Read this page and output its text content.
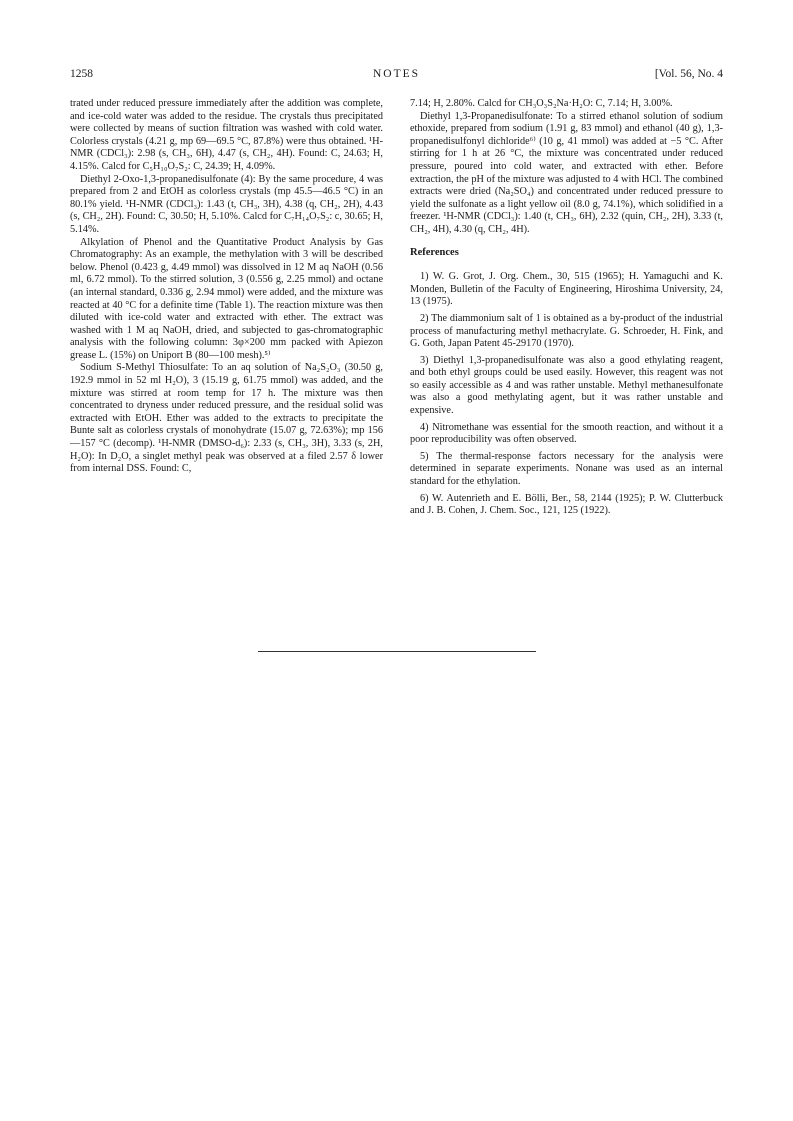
1258	NOTES	[Vol. 56, No. 4

trated under reduced pressure immediately after the addition was complete, and ice-cold water was added to the residue. The crystals thus precipitated were collected by means of suction filtration was washed with cold water. Colorless crystals (4.21 g, mp 69—69.5 °C, 87.8%) were thus obtained. ¹H-NMR (CDCl₃): 2.98 (s, CH₃, 6H), 4.47 (s, CH₂, 4H). Found: C, 24.63; H, 4.15%. Calcd for C₅H₁₀O₇S₂: C, 24.39; H, 4.09%.

Diethyl 2-Oxo-1,3-propanedisulfonate (4): By the same procedure, 4 was prepared from 2 and EtOH as colorless crystals (mp 45.5—46.5 °C) in an 80.1% yield. ¹H-NMR (CDCl₃): 1.43 (t, CH₃, 3H), 4.38 (q, CH₂, 2H), 4.43 (s, CH₂, 2H). Found: C, 30.50; H, 5.10%. Calcd for C₇H₁₄O₇S₂: c, 30.65; H, 5.14%.

Alkylation of Phenol and the Quantitative Product Analysis by Gas Chromatography: As an example, the methylation with 3 will be described below. Phenol (0.423 g, 4.49 mmol) was dissolved in 12 M aq NaOH (0.56 ml, 6.72 mmol). To the stirred solution, 3 (0.556 g, 2.25 mmol) and octane (an internal standard, 0.336 g, 2.94 mmol) were added, and the mixture was reacted at 40 °C for a definite time (Table 1). The reaction mixture was then diluted with ice-cold water and extracted with ether. The extract was washed with 1 M aq NaOH, dried, and subjected to gas-chromatographic analysis with the following column: 3φ×200 mm packed with Apiezon grease L. (15%) on Uniport B (80—100 mesh).⁵⁾

Sodium S-Methyl Thiosulfate: To an aq solution of Na₂S₂O₃ (30.50 g, 192.9 mmol in 52 ml H₂O), 3 (15.19 g, 61.75 mmol) was added, and the mixture was stirred at room temp for 17 h. The mixture was then concentrated to dryness under reduced pressure, and the residual solid was extracted with EtOH. Ether was added to the extracts to precipitate the Bunte salt as colorless crystals of monohydrate (15.07 g, 72.63%); mp 156—157 °C (decomp). ¹H-NMR (DMSO-d₆): 2.33 (s, CH₃, 3H), 3.33 (s, 2H, H₂O): In D₂O, a singlet methyl peak was observed at a filed 2.57 δ lower from internal DSS. Found: C,

7.14; H, 2.80%. Calcd for CH₃O₃S₂Na·H₂O: C, 7.14; H, 3.00%.

Diethyl 1,3-Propanedisulfonate: To a stirred ethanol solution of sodium ethoxide, prepared from sodium (1.91 g, 83 mmol) and ethanol (40 g), 1,3-propanedisulfonyl dichloride⁶⁾ (10 g, 41 mmol) was added at −5 °C. After stirring for 1 h at 26 °C, the mixture was concentrated under reduced pressure, poured into cold water, and extracted with ether. Before extraction, the pH of the mixture was adjusted to 4 with HCl. The combined extracts were dried (Na₂SO₄) and concentrated under reduced pressure to yield the sulfonate as a light yellow oil (8.0 g, 74.1%), which solidified in a freezer. ¹H-NMR (CDCl₃): 1.40 (t, CH₃, 6H), 2.32 (quin, CH₂, 2H), 3.33 (t, CH₂, 4H), 4.30 (q, CH₂, 4H).

References

1) W. G. Grot, J. Org. Chem., 30, 515 (1965); H. Yamaguchi and K. Monden, Bulletin of the Faculty of Engineering, Hiroshima University, 24, 13 (1975).

2) The diammonium salt of 1 is obtained as a by-product of the industrial process of manufacturing methyl methacrylate. G. Schroeder, H. Fink, and G. Goth, Japan Patent 45-29170 (1970).

3) Diethyl 1,3-propanedisulfonate was also a good ethylating reagent, and both ethyl groups could be used easily. However, this reagent was not so easily accessible as 4 and was rather unstable. Methyl methanesulfonate was also a good methylating agent, but it was rather unstable and expensive.

4) Nitromethane was essential for the smooth reaction, and without it a poor reproducibility was often observed.

5) The thermal-response factors necessary for the analysis were determined in separate experiments. Nonane was used as an internal standard for the ethylation.

6) W. Autenrieth and E. Bölli, Ber., 58, 2144 (1925); P. W. Clutterbuck and J. B. Cohen, J. Chem. Soc., 121, 125 (1922).
